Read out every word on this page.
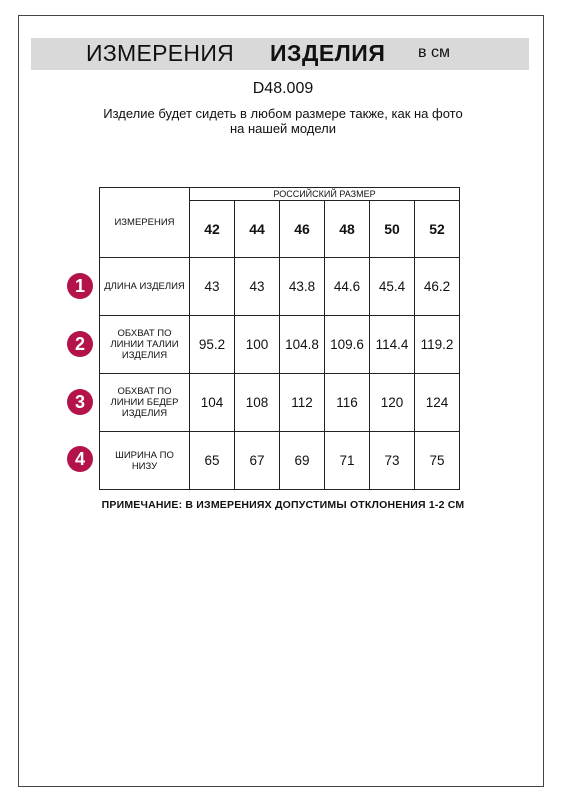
ИЗМЕРЕНИЯ ИЗДЕЛИЯ в см
D48.009
Изделие будет сидеть в любом размере также, как на фото
на нашей модели
ИЗМЕРЕНИЯ	РОССИЙСКИЙ РАЗМЕР					
	42	44	46	48	50	52
ДЛИНА ИЗДЕЛИЯ	43	43	43.8	44.6	45.4	46.2
ОБХВАТ ПО ЛИНИИ ТАЛИИ ИЗДЕЛИЯ	95.2	100	104.8	109.6	114.4	119.2
ОБХВАТ ПО ЛИНИИ БЕДЕР ИЗДЕЛИЯ	104	108	112	116	120	124
ШИРИНА ПО НИЗУ	65	67	69	71	73	75
1
2
3
4
ПРИМЕЧАНИЕ: В ИЗМЕРЕНИЯХ ДОПУСТИМЫ ОТКЛОНЕНИЯ 1-2 СМ
